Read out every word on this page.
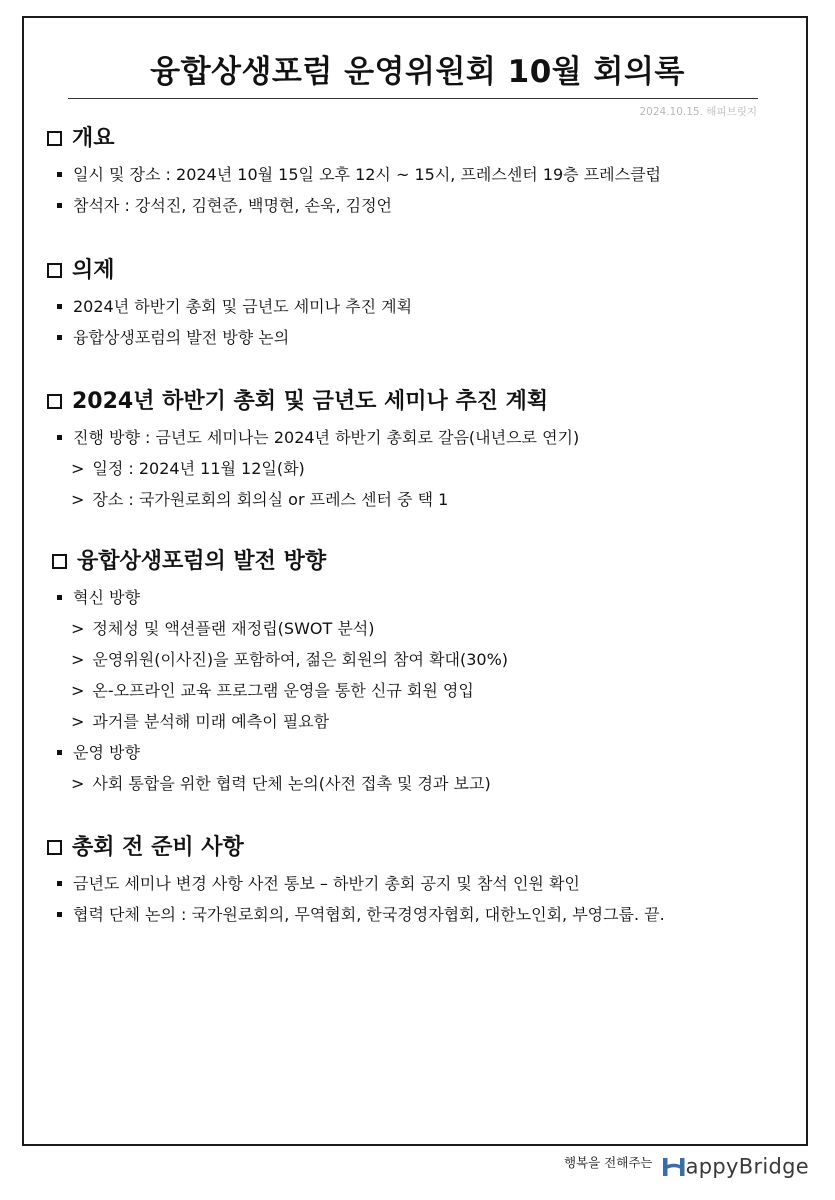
융합상생포럼 운영위원회 10월 회의록
2024.10.15. 해피브릿지
개요
일시 및 장소 : 2024년 10월 15일 오후 12시 ~ 15시, 프레스센터 19층 프레스클럽
참석자 : 강석진, 김현준, 백명현, 손욱, 김정언
의제
2024년 하반기 총회 및 금년도 세미나 추진 계획
융합상생포럼의 발전 방향 논의
2024년 하반기 총회 및 금년도 세미나 추진 계획
진행 방향 : 금년도 세미나는 2024년 하반기 총회로 갈음(내년으로 연기)
> 일정 : 2024년 11월 12일(화)
> 장소 : 국가원로회의 회의실 or 프레스 센터 중 택 1
융합상생포럼의 발전 방향
혁신 방향
> 정체성 및 액션플랜 재정립(SWOT 분석)
> 운영위원(이사진)을 포함하여, 젊은 회원의 참여 확대(30%)
> 온-오프라인 교육 프로그램 운영을 통한 신규 회원 영입
> 과거를 분석해 미래 예측이 필요함
운영 방향
> 사회 통합을 위한 협력 단체 논의(사전 접촉 및 경과 보고)
총회 전 준비 사항
금년도 세미나 변경 사항 사전 통보 – 하반기 총회 공지 및 참석 인원 확인
협력 단체 논의 : 국가원로회의, 무역협회, 한국경영자협회, 대한노인회, 부영그룹. 끝.
$^{행복을 전해주는}$ appyBridge
